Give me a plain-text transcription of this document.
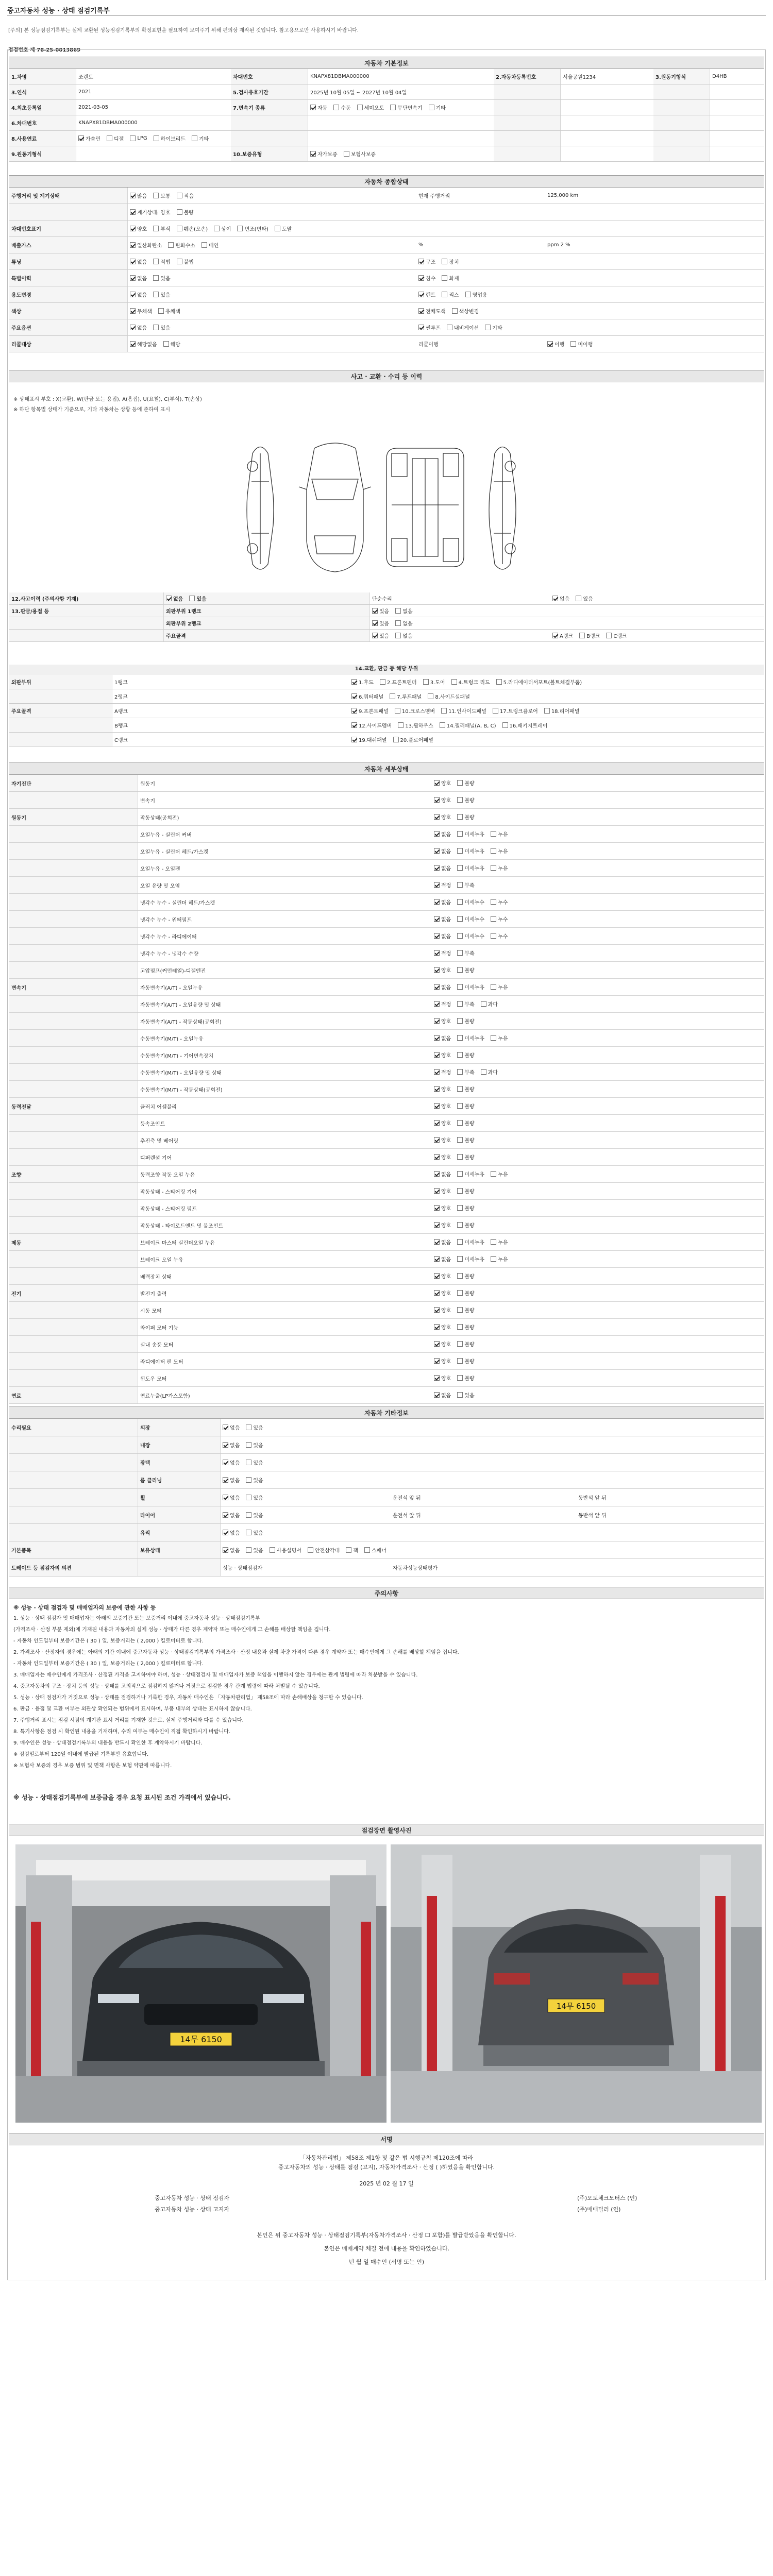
중고자동차 성능 · 상태 점검기록부
[주의] 본 성능점검기록부는 실제 교환된 성능점검기록부의 확정표현을 필요하여 보여주기 위해 편의상 재작된 것입니다. 참고용으로만 사용하시기 바랍니다.
점검번호 제 78-25-0013869
자동차 기본정보
1.차명	쏘렌토	차대번호	KNAPX81DBMA000000	2.자동차등록번호	서울공원1234	3.원동기형식	D4HB
3.연식	2021	5.검사유효기간	2025년 10월 05일 ~ 2027년 10월 04일
4.최초등록일	2021-03-05	7.변속기 종류	자동	수동	세미오토	무단변속기	기타
6.차대번호	KNAPX81DBMA000000
8.사용연료	가솔린	디젤	LPG	하이브리드	기타
9.원동기형식	10.보증유형	자가보증	보험사보증
자동차 종합상태
주행거리 및 계기상태	많음	보통	적음	현재 주행거리	125,000 km
계기상태: 양호	불량
차대번호표기	양호	부식	훼손(오손)	상이	변조(변타)	도말
배출가스	일산화탄소	탄화수소	매연	%	ppm 2 %
튜닝	없음	적법	불법	구조	장치
특별이력	없음	있음	침수	화재
용도변경	없음	있음	렌트	리스	영업용
색상	무채색	유채색	전체도색	색상변경
주요옵션	없음	있음	썬루프	내비게이션	기타
리콜대상	해당없음	해당	리콜이행	이행	미이행
사고 · 교환 · 수리 등 이력
※ 상태표시 부호 : X(교환), W(판금 또는 용접), A(흠집), U(요철), C(부식), T(손상)
※ 하단 항목별 상태가 기준으로, 기타 자동차는 상황 등에 준하여 표시
12.사고이력 (주의사항 기재)	없음	있음	단순수리	없음	있음
13.판금/용접 등	외판부위 1랭크	있음	없음
외판부위 2랭크	있음	없음
주요골격	있음	없음	A랭크	B랭크	C랭크
14.교환, 판금 등 해당 부위
외판부위	1랭크	1.후드	2.프론트펜더	3.도어	4.트렁크 리드	5.라디에이터서포트(볼트체결부품)
2랭크	6.쿼터패널	7.루프패널	8.사이드실패널
주요골격	A랭크	9.프론트패널	10.크로스멤버	11.인사이드패널	17.트렁크플로어	18.리어패널
B랭크	12.사이드멤버	13.휠하우스	14.필러패널(A, B, C)	16.패키지트레이
C랭크	19.대쉬패널	20.플로어패널
자동차 세부상태
자기진단	원동기	양호	불량
변속기	양호	불량
원동기	작동상태(공회전)	양호	불량
오일누유 - 실린더 커버	없음	미세누유	누유
오일누유 - 실린더 헤드/가스켓	없음	미세누유	누유
오일누유 - 오일팬	없음	미세누유	누유
오일 유량 및 오염	적정	부족
냉각수 누수 - 실린더 헤드/가스켓	없음	미세누수	누수
냉각수 누수 - 워터펌프	없음	미세누수	누수
냉각수 누수 - 라디에이터	없음	미세누수	누수
냉각수 누수 - 냉각수 수량	적정	부족
고압펌프(커먼레일)-디젤엔진	양호	불량
변속기	자동변속기(A/T) - 오일누유	없음	미세누유	누유
자동변속기(A/T) - 오일유량 및 상태	적정	부족	과다
자동변속기(A/T) - 작동상태(공회전)	양호	불량
수동변속기(M/T) - 오일누유	없음	미세누유	누유
수동변속기(M/T) - 기어변속장치	양호	불량
수동변속기(M/T) - 오일유량 및 상태	적정	부족	과다
수동변속기(M/T) - 작동상태(공회전)	양호	불량
동력전달	클러치 어셈블리	양호	불량
등속조인트	양호	불량
추진축 및 베어링	양호	불량
디퍼렌셜 기어	양호	불량
조향	동력조향 작동 오일 누유	없음	미세누유	누유
작동상태 - 스티어링 기어	양호	불량
작동상태 - 스티어링 펌프	양호	불량
작동상태 - 타이로드엔드 및 볼조인트	양호	불량
제동	브레이크 마스터 실린더오일 누유	없음	미세누유	누유
브레이크 오일 누유	없음	미세누유	누유
배력장치 상태	양호	불량
전기	발전기 출력	양호	불량
시동 모터	양호	불량
와이퍼 모터 기능	양호	불량
실내 송풍 모터	양호	불량
라디에이터 팬 모터	양호	불량
윈도우 모터	양호	불량
연료	연료누출(LP가스포함)	없음	있음
자동차 기타정보
수리필요	외장	없음	있음
내장	없음	있음
광택	없음	있음
룸 클리닝	없음	있음
휠	없음	있음	운전석 앞 뒤	동반석 앞 뒤
타이어	없음	있음	운전석 앞 뒤	동반석 앞 뒤
유리	없음	있음
기본품목	보유상태	없음	있음	사용설명서	안전삼각대	잭	스패너
트레이드 등 점검자의 의견	성능 · 상태점검자	자동차성능상태평가
주의사항
※ 성능 · 상태 점검자 및 매매업자의 보증에 관한 사항 등
1. 성능 · 상태 점검자 및 매매업자는 아래의 보증기간 또는 보증거리 이내에 중고자동차 성능 · 상태점검기록부
(가격조사 · 산정 부분 제외)에 기재된 내용과 자동차의 실제 성능 · 상태가 다른 경우 계약자 또는 매수인에게 그 손해를 배상할 책임을 집니다.
- 자동차 인도일부터 보증기간은 ( 30 ) 일, 보증거리는 ( 2,000 ) 킬로미터로 합니다.
2. 가격조사 · 산정자의 경우에는 아래의 기간 이내에 중고자동차 성능 · 상태점검기록부의 가격조사 · 산정 내용과 실제 차량 가격이 다른 경우 계약자 또는 매수인에게 그 손해를 배상할 책임을 집니다.
- 자동차 인도일부터 보증기간은 ( 30 ) 일, 보증거리는 ( 2,000 ) 킬로미터로 합니다.
3. 매매업자는 매수인에게 가격조사 · 산정된 가격을 고지하여야 하며, 성능 · 상태점검자 및 매매업자가 보증 책임을 이행하지 않는 경우에는 관계 법령에 따라 처분받을 수 있습니다.
4. 중고자동차의 구조 · 장치 등의 성능 · 상태를 고의적으로 점검하지 않거나 거짓으로 점검한 경우 관계 법령에 따라 처벌될 수 있습니다.
5. 성능 · 상태 점검자가 거짓으로 성능 · 상태를 점검하거나 기록한 경우, 자동차 매수인은 「자동차관리법」 제58조에 따라 손해배상을 청구할 수 있습니다.
6. 판금 · 용접 및 교환 여부는 외관상 확인되는 범위에서 표시하며, 부품 내부의 상태는 표시하지 않습니다.
7. 주행거리 표시는 점검 시점의 계기판 표시 거리를 기재한 것으로, 실제 주행거리와 다를 수 있습니다.
8. 특기사항은 점검 시 확인된 내용을 기재하며, 수리 여부는 매수인이 직접 확인하시기 바랍니다.
9. 매수인은 성능 · 상태점검기록부의 내용을 반드시 확인한 후 계약하시기 바랍니다.
※ 점검일로부터 120일 이내에 발급된 기록부만 유효합니다.
※ 보험사 보증의 경우 보증 범위 및 면책 사항은 보험 약관에 따릅니다.
※ 성능 · 상태점검기록부에 보증금을 경우 요청 표시된 조건 가격에서 있습니다.
점검장면 촬영사진
14무 6150
14무 6150
서명
「자동차관리법」 제58조 제1항 및 같은 법 시행규칙 제120조에 따라
중고자동차의 성능 · 상태를 점검 (고지), 자동차가격조사 · 산정 ( )하였음을 확인합니다.
2025 년 02 월 17 일
중고자동차 성능 · 상태 점검자	(주)오토체크모터스 (인)
중고자동차 성능 · 상태 고지자	(주)매매딜러 (인)
본인은 위 중고자동차 성능 · 상태점검기록부(자동차가격조사 · 산정 ☐ 포함)를 발급받았음을 확인합니다.
본인은 매매계약 체결 전에 내용을 확인하였습니다.
년 월 일 매수인 (서명 또는 인)
